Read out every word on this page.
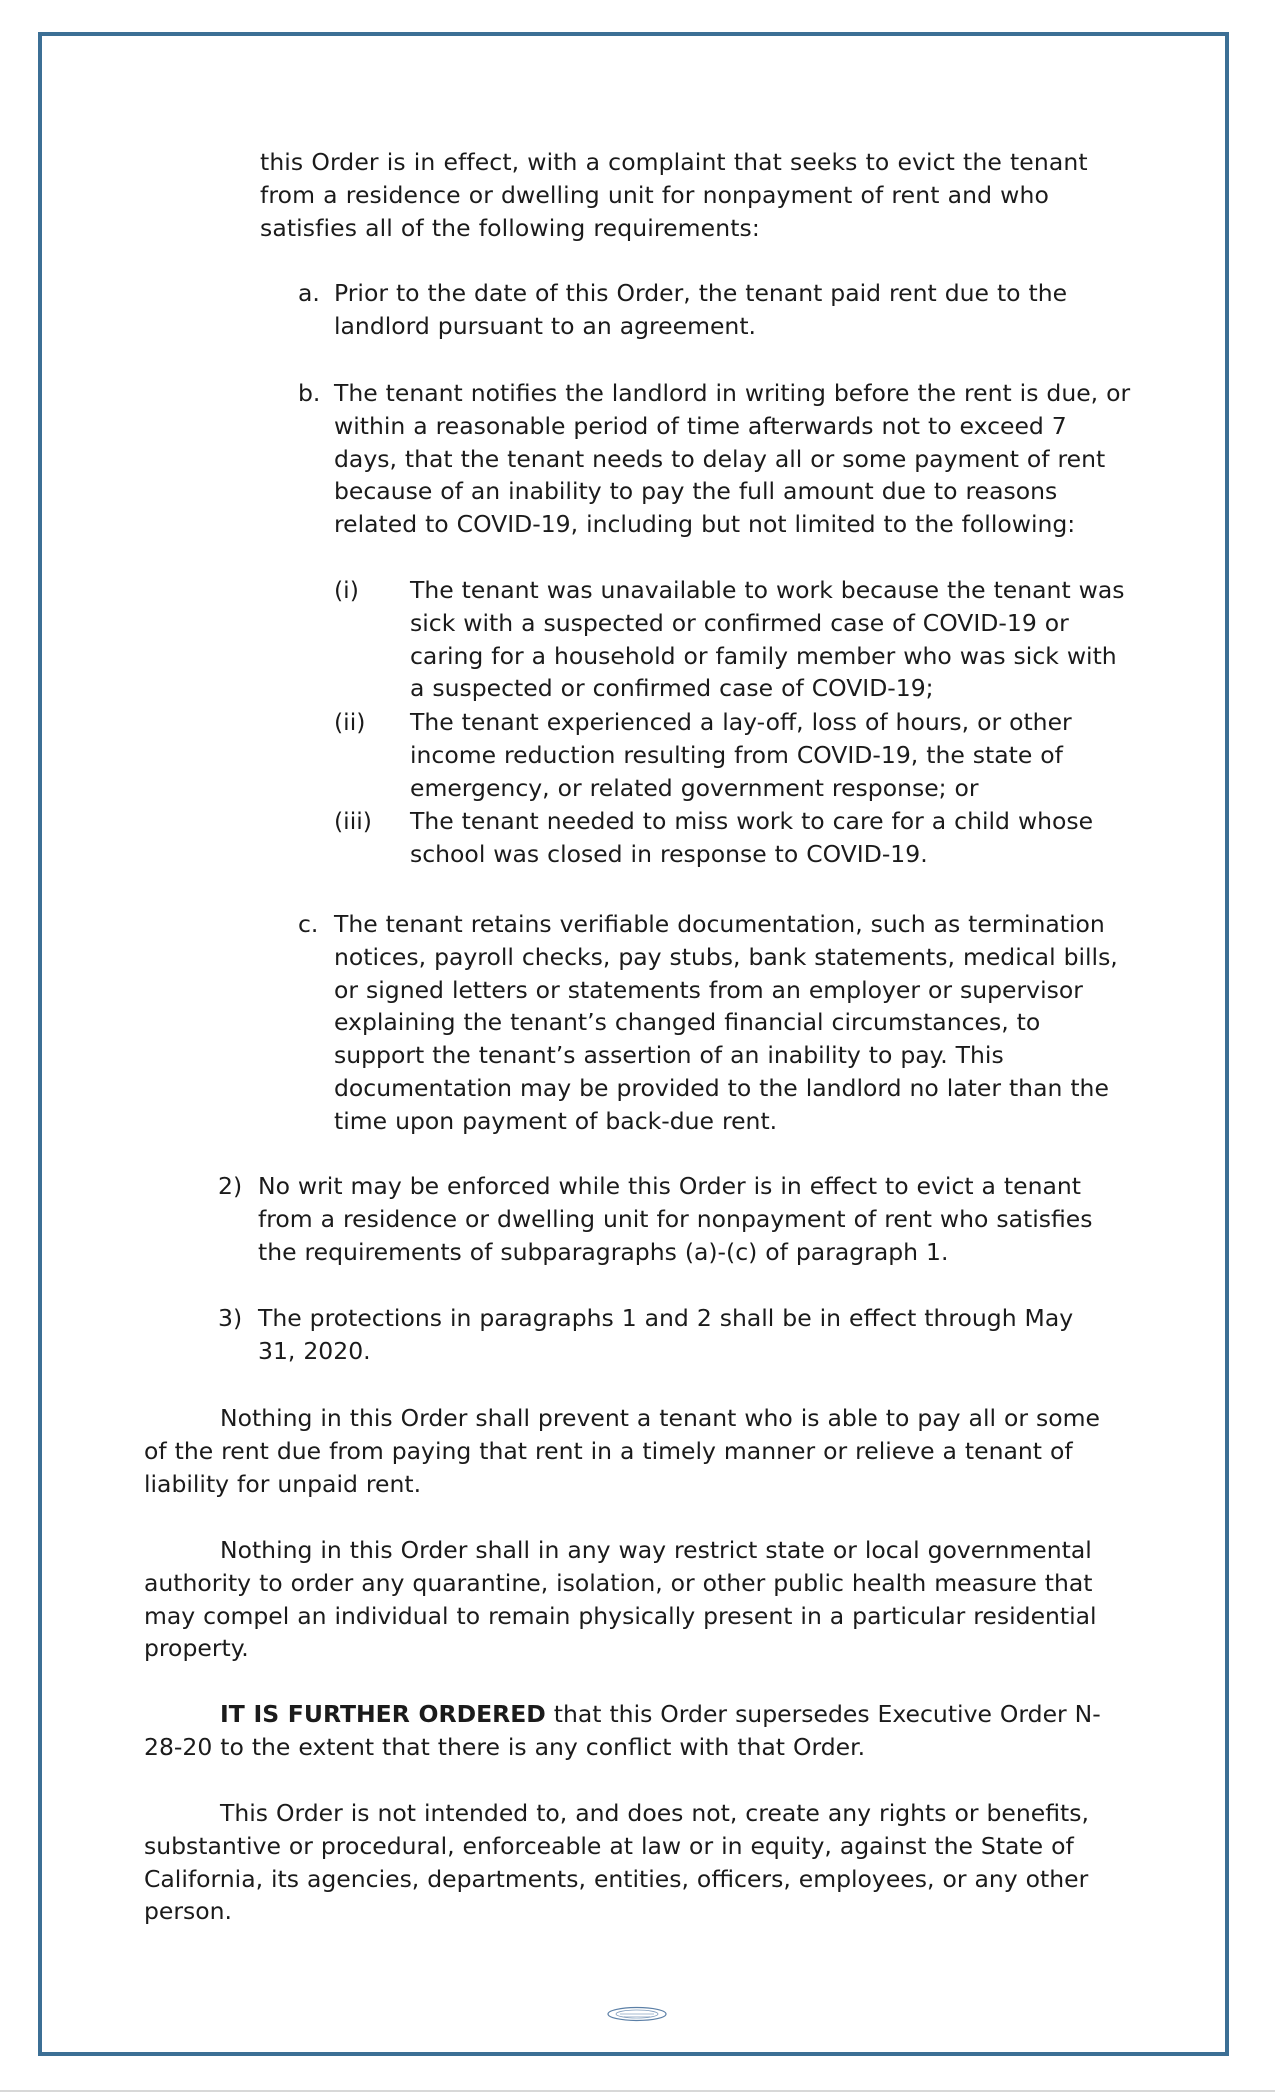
this Order is in effect, with a complaint that seeks to evict the tenant from a residence or dwelling unit for nonpayment of rent and who satisfies all of the following requirements:
a. Prior to the date of this Order, the tenant paid rent due to the landlord pursuant to an agreement.
b. The tenant notifies the landlord in writing before the rent is due, or within a reasonable period of time afterwards not to exceed 7 days, that the tenant needs to delay all or some payment of rent because of an inability to pay the full amount due to reasons related to COVID-19, including but not limited to the following:
(i) The tenant was unavailable to work because the tenant was sick with a suspected or confirmed case of COVID-19 or caring for a household or family member who was sick with a suspected or confirmed case of COVID-19;
(ii) The tenant experienced a lay-off, loss of hours, or other income reduction resulting from COVID-19, the state of emergency, or related government response; or
(iii) The tenant needed to miss work to care for a child whose school was closed in response to COVID-19.
c. The tenant retains verifiable documentation, such as termination notices, payroll checks, pay stubs, bank statements, medical bills, or signed letters or statements from an employer or supervisor explaining the tenant’s changed financial circumstances, to support the tenant’s assertion of an inability to pay. This documentation may be provided to the landlord no later than the time upon payment of back-due rent.
2) No writ may be enforced while this Order is in effect to evict a tenant from a residence or dwelling unit for nonpayment of rent who satisfies the requirements of subparagraphs (a)-(c) of paragraph 1.
3) The protections in paragraphs 1 and 2 shall be in effect through May 31, 2020.
Nothing in this Order shall prevent a tenant who is able to pay all or some of the rent due from paying that rent in a timely manner or relieve a tenant of liability for unpaid rent.
Nothing in this Order shall in any way restrict state or local governmental authority to order any quarantine, isolation, or other public health measure that may compel an individual to remain physically present in a particular residential property.
IT IS FURTHER ORDERED that this Order supersedes Executive Order N-28-20 to the extent that there is any conflict with that Order.
This Order is not intended to, and does not, create any rights or benefits, substantive or procedural, enforceable at law or in equity, against the State of California, its agencies, departments, entities, officers, employees, or any other person.
